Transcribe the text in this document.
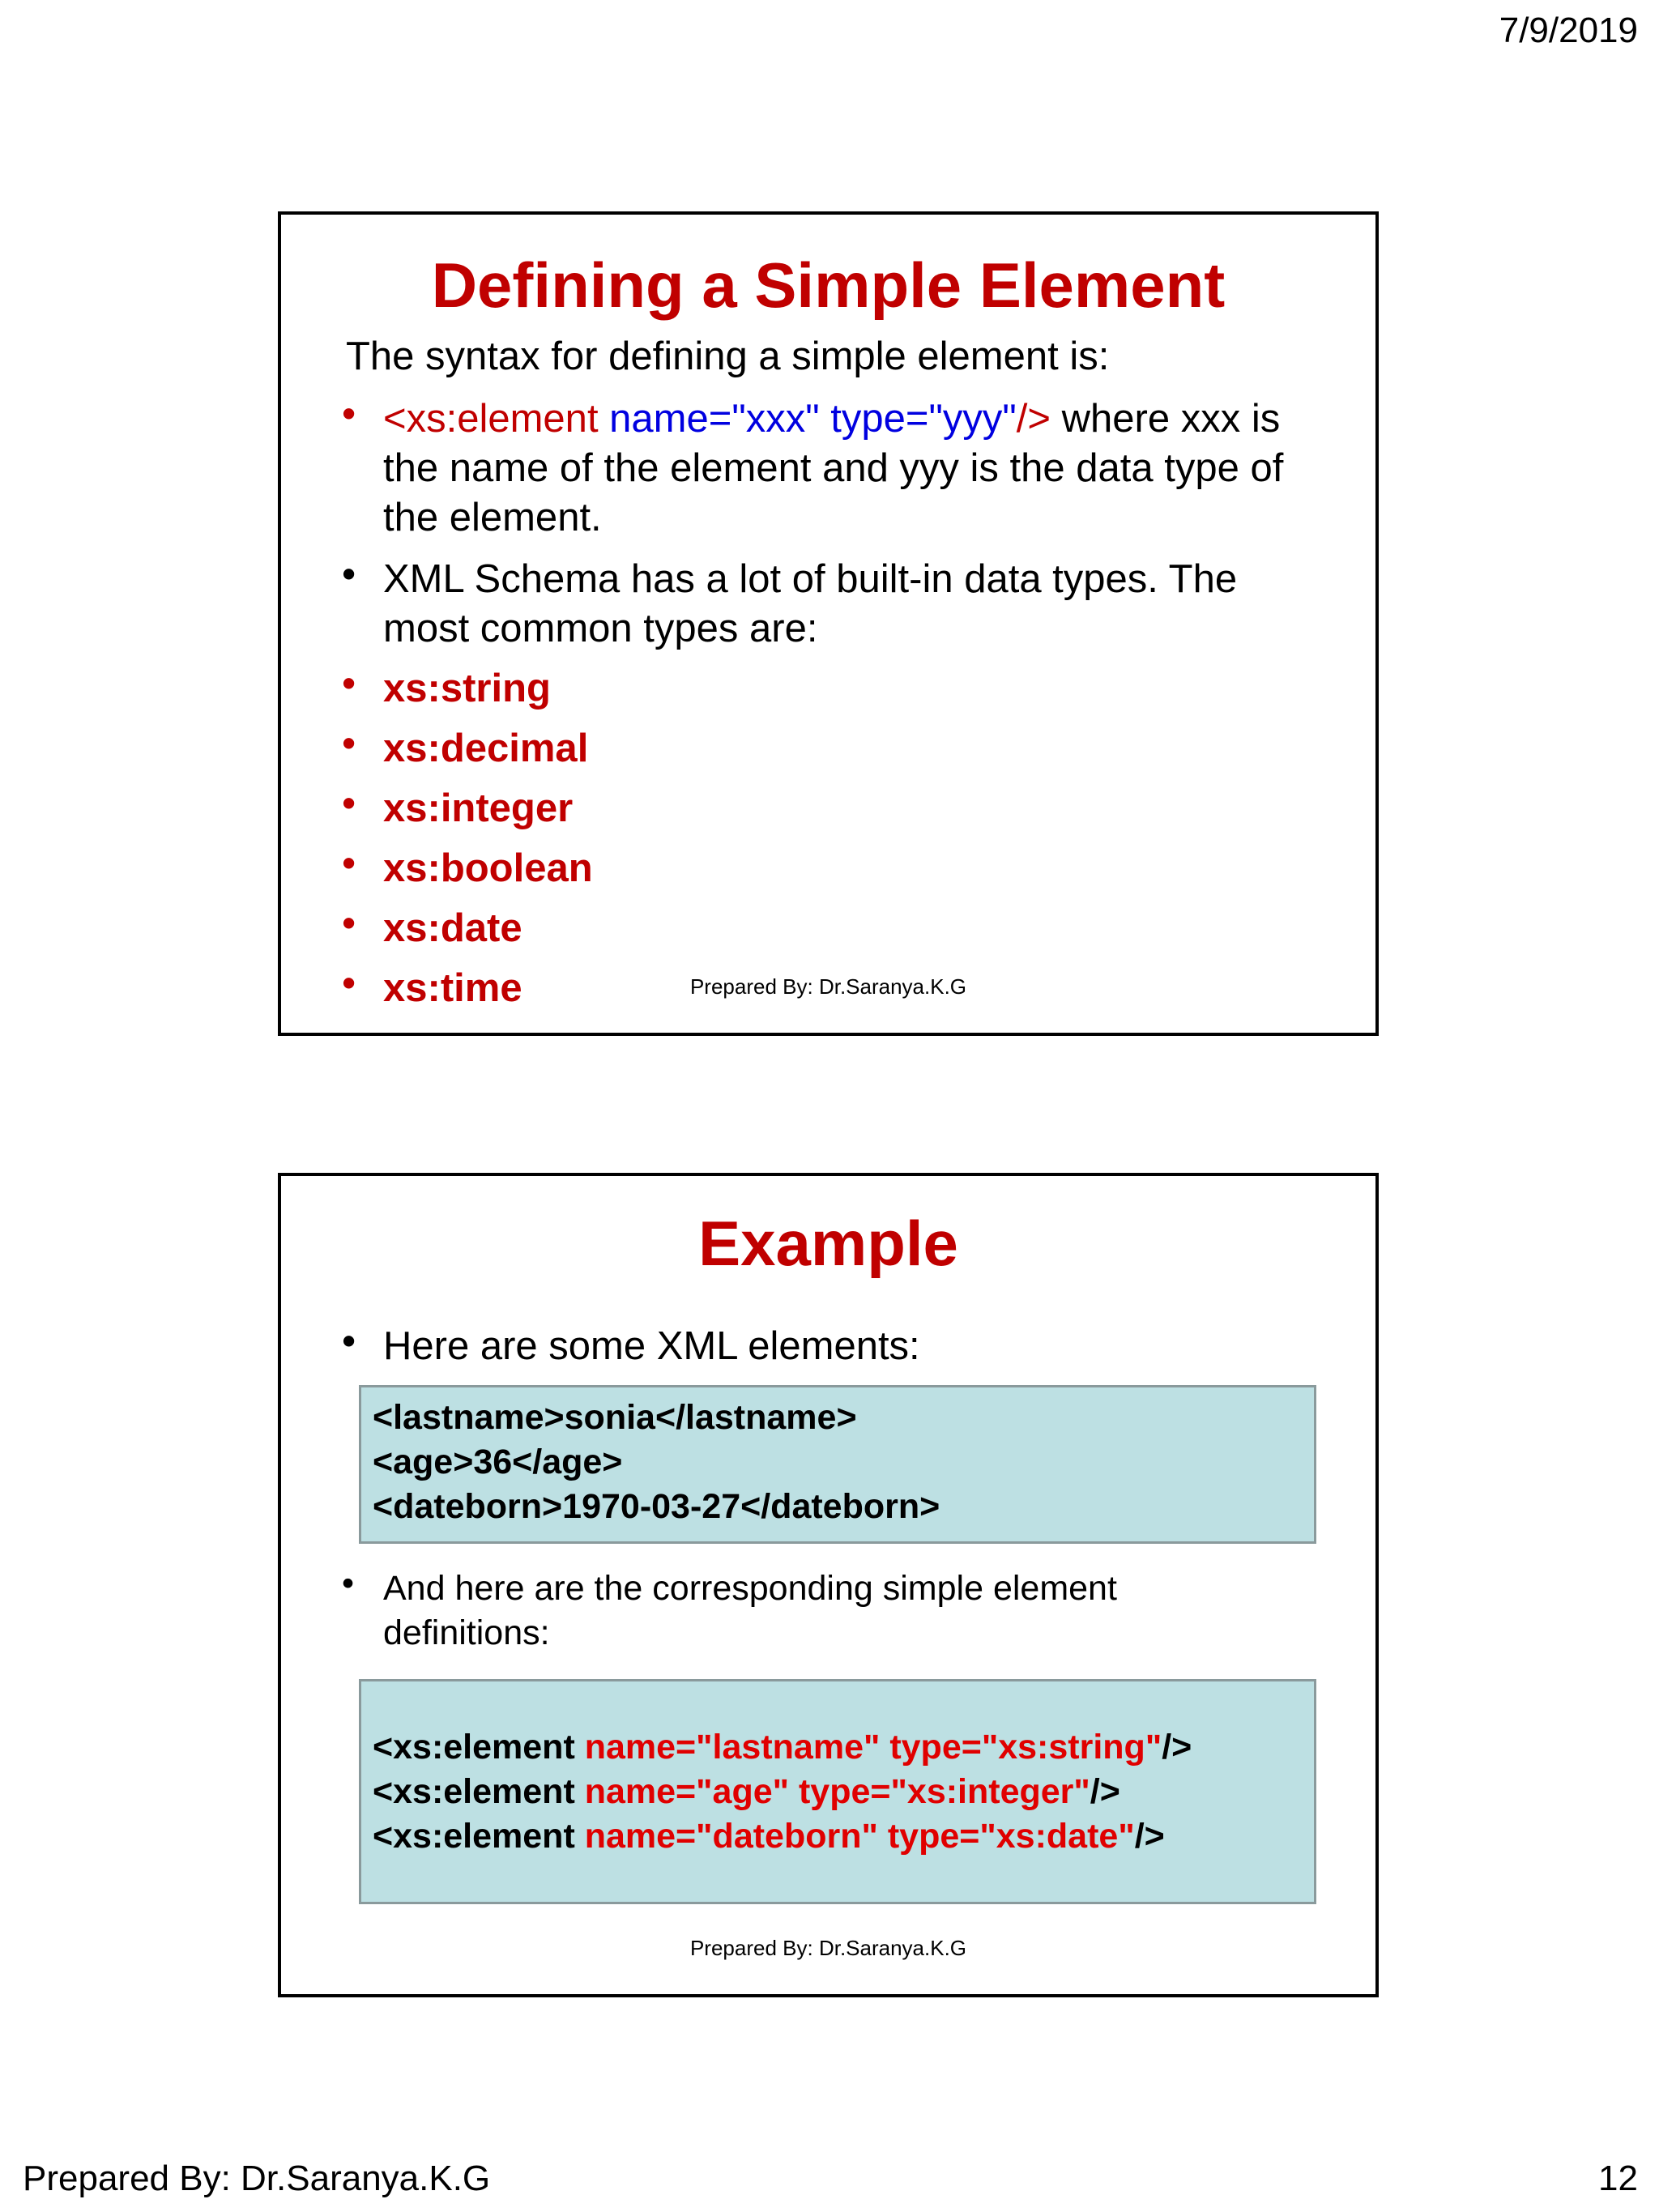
7/9/2019
Defining a Simple Element
The syntax for defining a simple element is:
• <xs:element name="xxx" type="yyy"/> where xxx is the name of the element and yyy is the data type of the element.
• XML Schema has a lot of built-in data types. The most common types are:
• xs:string
• xs:decimal
• xs:integer
• xs:boolean
• xs:date
• xs:time	Prepared By: Dr.Saranya.K.G
Example
• Here are some XML elements:
<lastname>sonia</lastname>
<age>36</age>
<dateborn>1970-03-27</dateborn>
• And here are the corresponding simple element definitions:
<xs:element name="lastname" type="xs:string"/>
<xs:element name="age" type="xs:integer"/>
<xs:element name="dateborn" type="xs:date"/>
Prepared By: Dr.Saranya.K.G
Prepared By: Dr.Saranya.K.G	12
